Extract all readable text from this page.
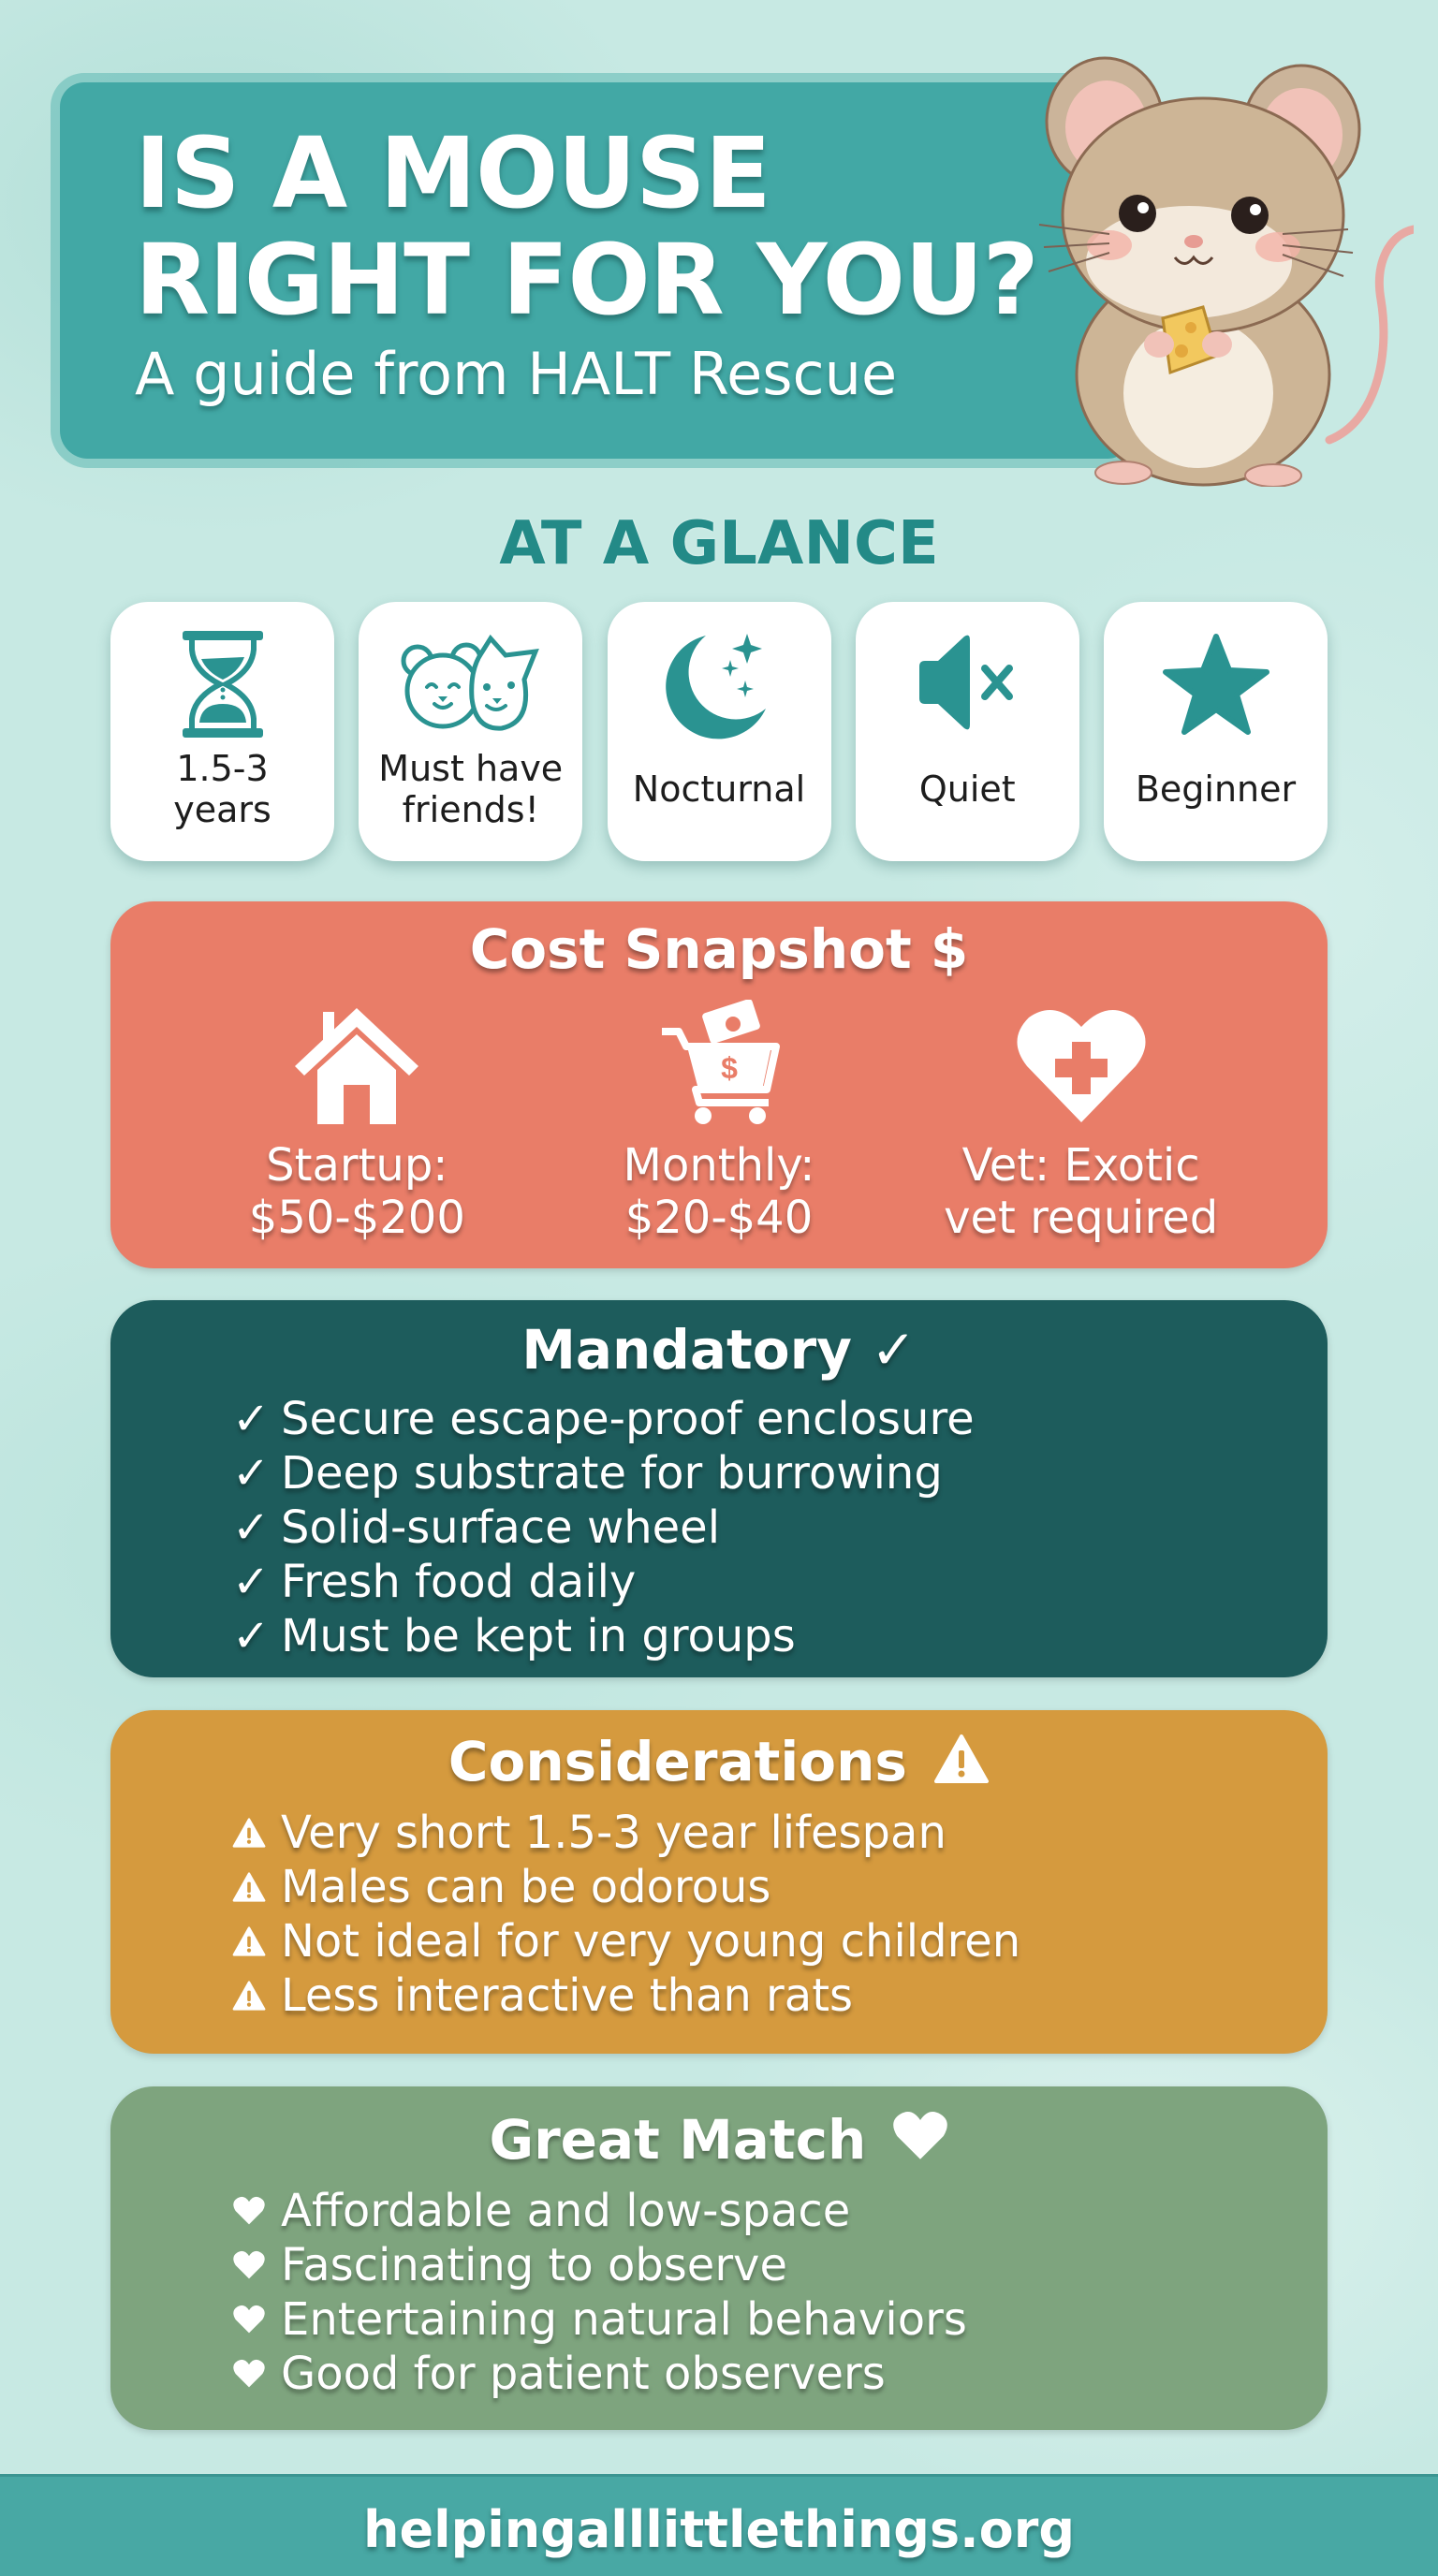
IS A MOUSE
RIGHT FOR YOU?
A guide from HALT Rescue
AT A GLANCE
1.5-3
years
Must have
friends!	Nocturnal	Quiet	Beginner
Cost Snapshot $
Startup:
$50-$200
$
Monthly:
$20-$40
Vet: Exotic
vet required
Mandatory ✓
✓ Secure escape-proof enclosure
✓ Deep substrate for burrowing
✓ Solid-surface wheel
✓ Fresh food daily
✓ Must be kept in groups
Considerations
Very short 1.5-3 year lifespan
Males can be odorous
Not ideal for very young children
Less interactive than rats
Great Match
Affordable and low-space
Fascinating to observe
Entertaining natural behaviors
Good for patient observers
helpingalllittlethings.org
